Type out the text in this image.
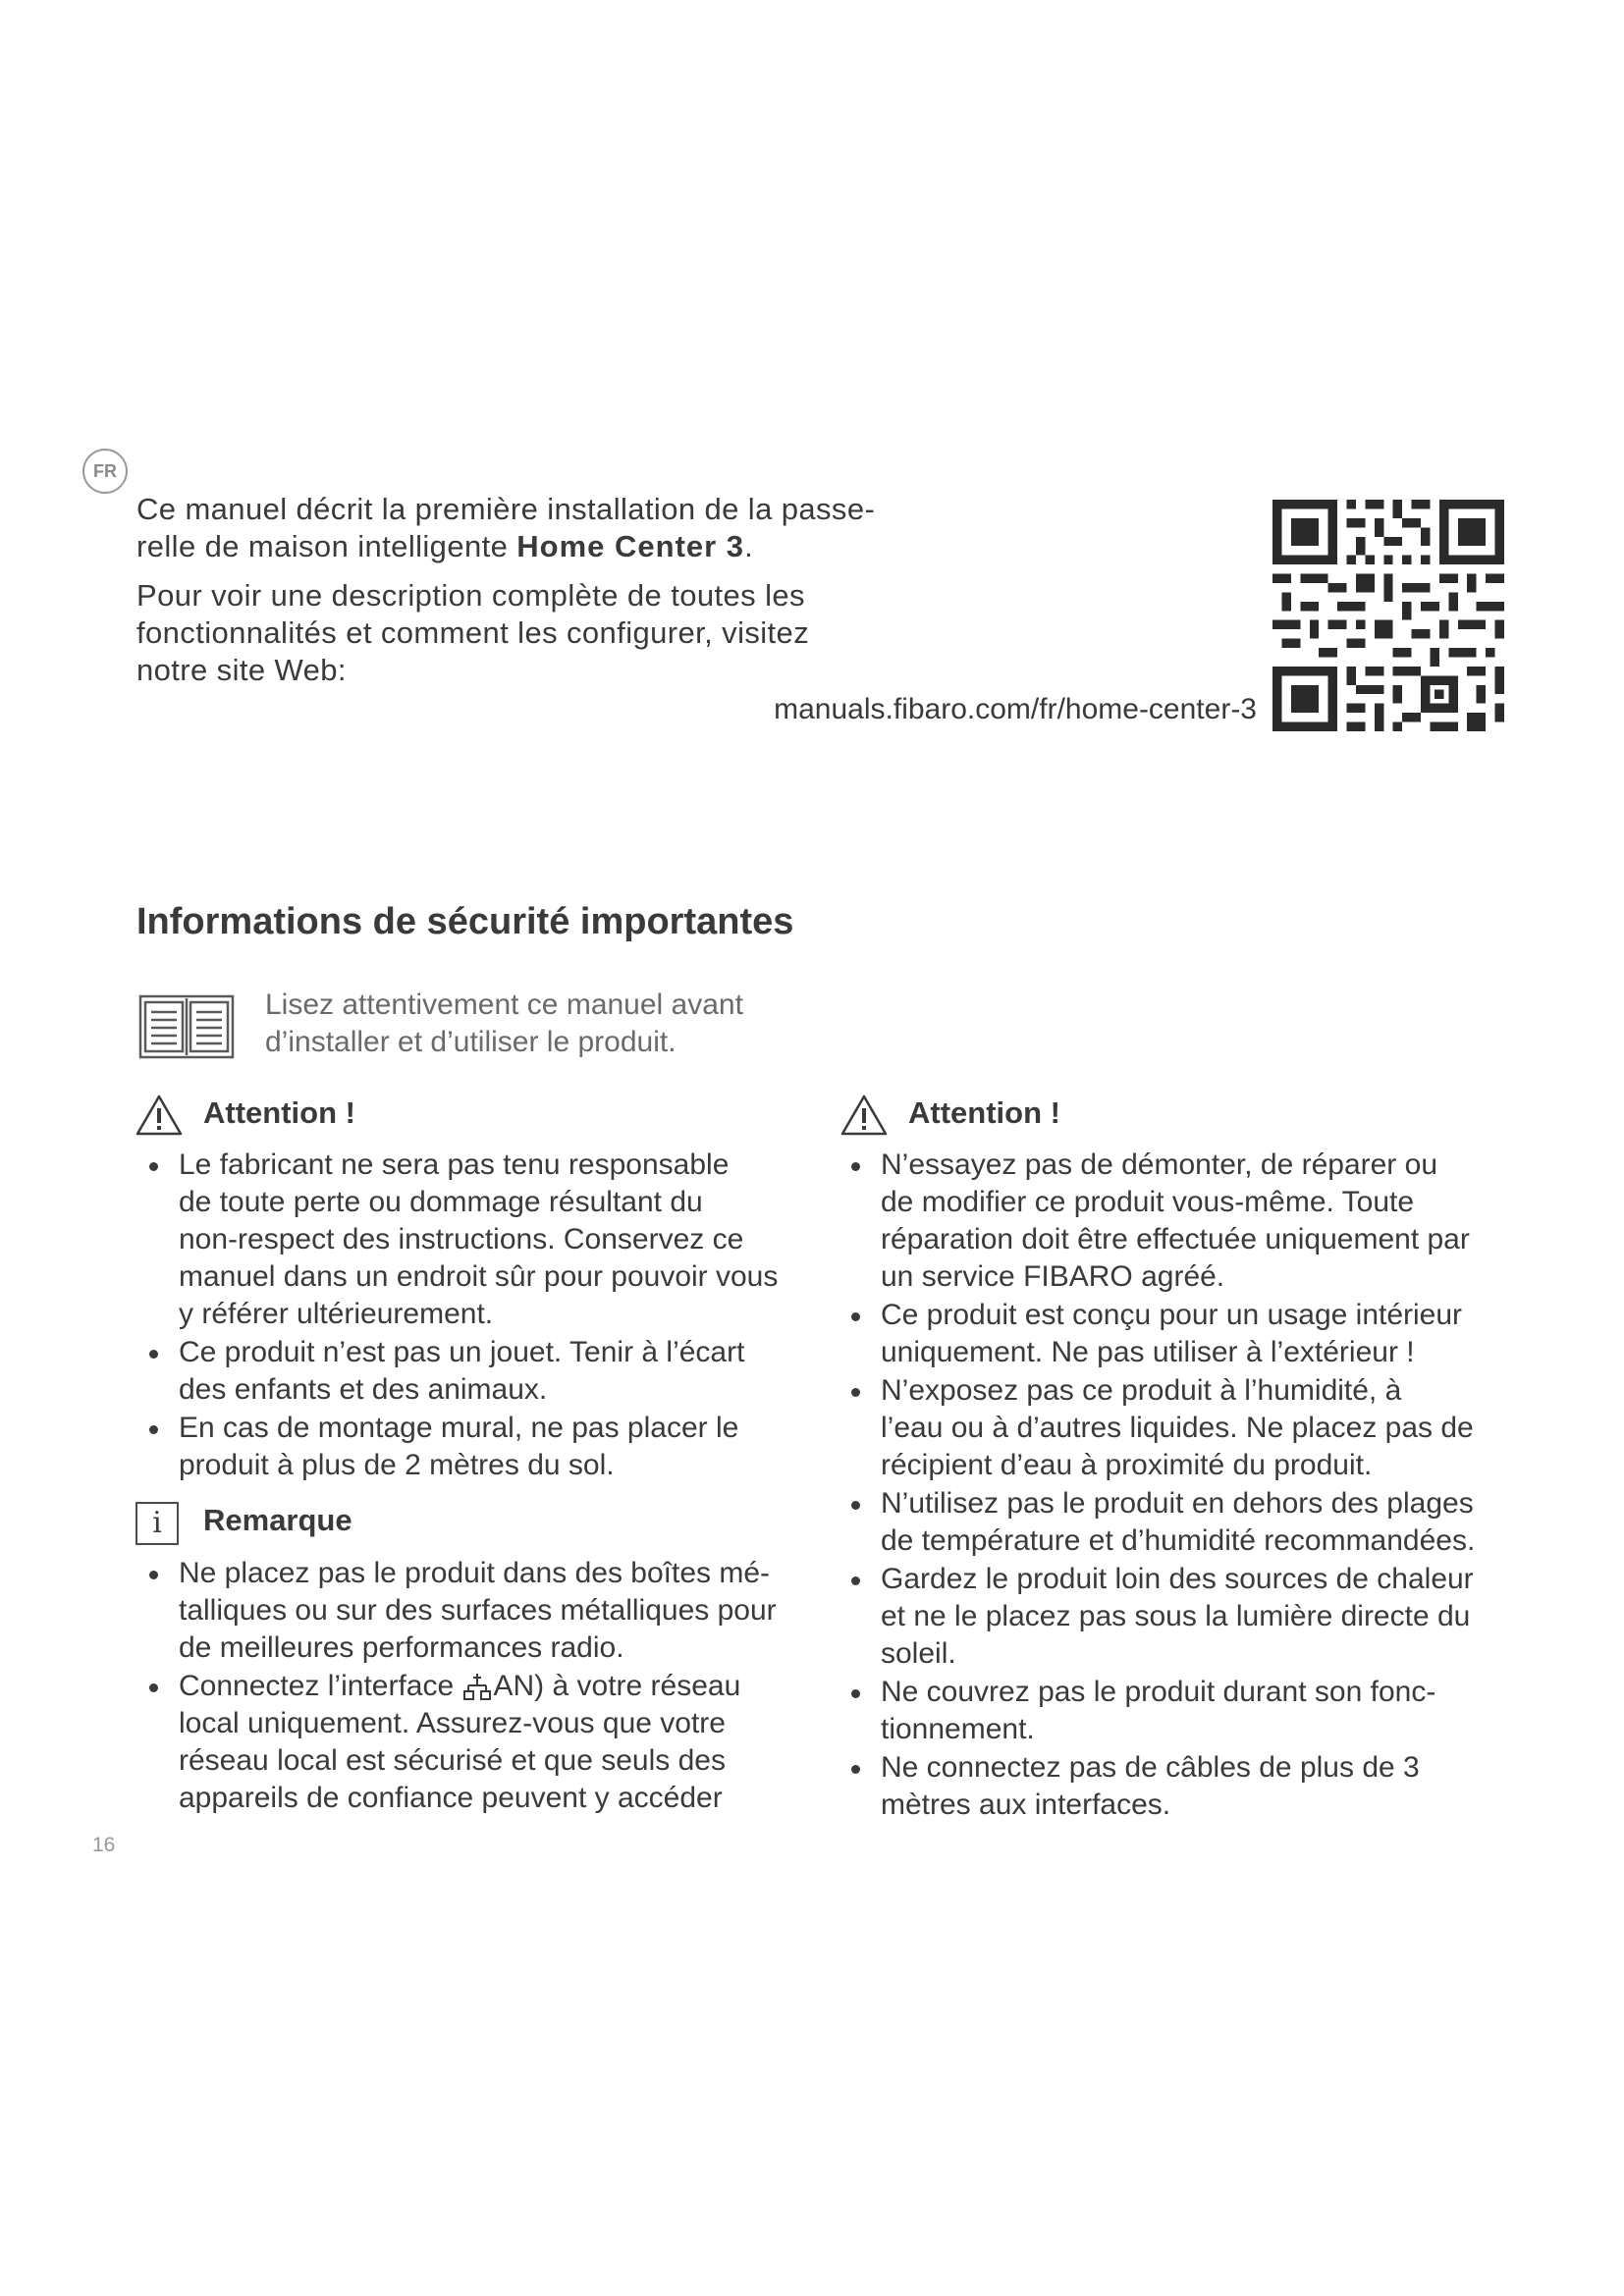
FR

Ce manuel décrit la première installation de la passe-
relle de maison intelligente Home Center 3.

Pour voir une description complète de toutes les
fonctionnalités et comment les configurer, visitez
notre site Web:

manuals.fibaro.com/fr/home-center-3
Informations de sécurité importantes
Lisez attentivement ce manuel avant
d’installer et d’utiliser le produit.
Attention !
Le fabricant ne sera pas tenu responsable
de toute perte ou dommage résultant du
non-respect des instructions. Conservez ce
manuel dans un endroit sûr pour pouvoir vous
y référer ultérieurement.
Ce produit n’est pas un jouet. Tenir à l’écart
des enfants et des animaux.
En cas de montage mural, ne pas placer le
produit à plus de 2 mètres du sol.
i	Remarque
Ne placez pas le produit dans des boîtes mé-
talliques ou sur des surfaces métalliques pour
de meilleures performances radio.
Connectez l’interface AN) à votre réseau
local uniquement. Assurez-vous que votre
réseau local est sécurisé et que seuls des
appareils de confiance peuvent y accéder
Attention !
N’essayez pas de démonter, de réparer ou
de modifier ce produit vous-même. Toute
réparation doit être effectuée uniquement par
un service FIBARO agréé.
Ce produit est conçu pour un usage intérieur
uniquement. Ne pas utiliser à l’extérieur !
N’exposez pas ce produit à l’humidité, à
l’eau ou à d’autres liquides. Ne placez pas de
récipient d’eau à proximité du produit.
N’utilisez pas le produit en dehors des plages
de température et d’humidité recommandées.
Gardez le produit loin des sources de chaleur
et ne le placez pas sous la lumière directe du
soleil.
Ne couvrez pas le produit durant son fonc-
tionnement.
Ne connectez pas de câbles de plus de 3
mètres aux interfaces.
16
